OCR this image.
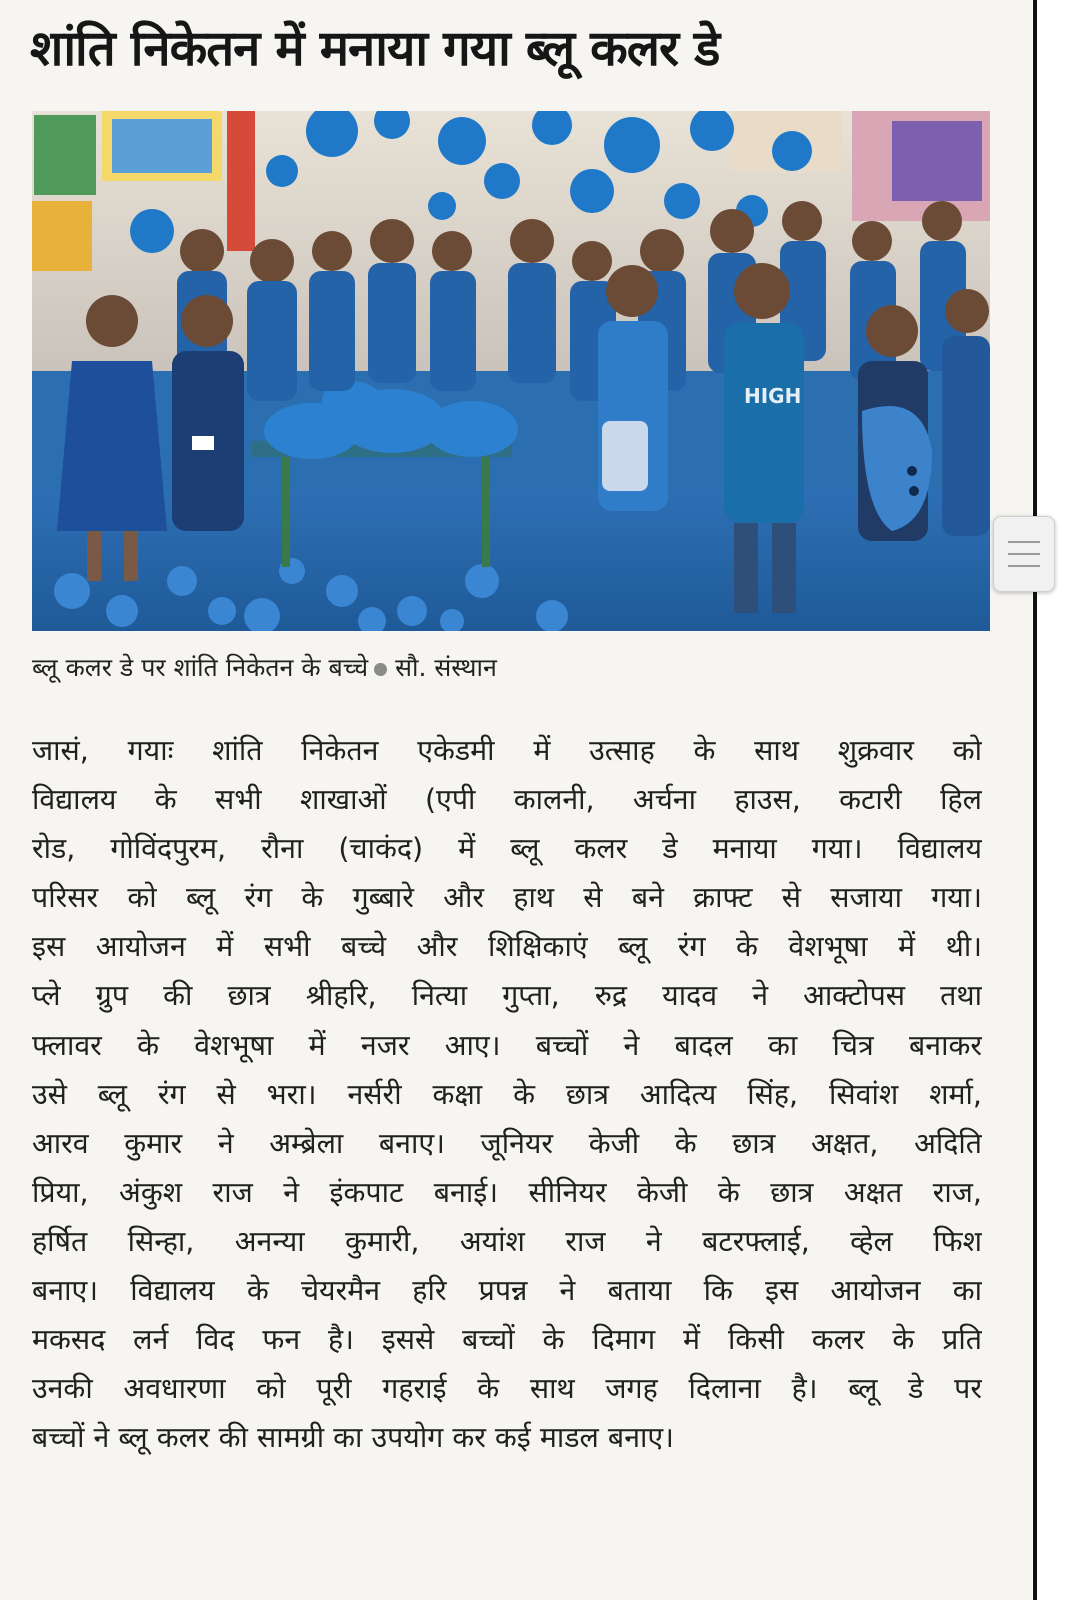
शांति निकेतन में मनाया गया ब्लू कलर डे
HIGH
ब्लू कलर डे पर शांति निकेतन के बच्चे सौ. संस्थान
जासं, गयाः शांति निकेतन एकेडमी में उत्साह के साथ शुक्रवार को
विद्यालय के सभी शाखाओं (एपी कालनी, अर्चना हाउस, कटारी हिल
रोड, गोविंदपुरम, रौना (चाकंद) में ब्लू कलर डे मनाया गया। विद्यालय
परिसर को ब्लू रंग के गुब्बारे और हाथ से बने क्राफ्ट से सजाया गया।
इस आयोजन में सभी बच्चे और शिक्षिकाएं ब्लू रंग के वेशभूषा में थी।
प्ले ग्रुप की छात्र श्रीहरि, नित्या गुप्ता, रुद्र यादव ने आक्टोपस तथा
फ्लावर के वेशभूषा में नजर आए। बच्चों ने बादल का चित्र बनाकर
उसे ब्लू रंग से भरा। नर्सरी कक्षा के छात्र आदित्य सिंह, सिवांश शर्मा,
आरव कुमार ने अम्ब्रेला बनाए। जूनियर केजी के छात्र अक्षत, अदिति
प्रिया, अंकुश राज ने इंकपाट बनाई। सीनियर केजी के छात्र अक्षत राज,
हर्षित सिन्हा, अनन्या कुमारी, अयांश राज ने बटरफ्लाई, व्हेल फिश
बनाए। विद्यालय के चेयरमैन हरि प्रपन्न ने बताया कि इस आयोजन का
मकसद लर्न विद फन है। इससे बच्चों के दिमाग में किसी कलर के प्रति
उनकी अवधारणा को पूरी गहराई के साथ जगह दिलाना है। ब्लू डे पर
बच्चों ने ब्लू कलर की सामग्री का उपयोग कर कई माडल बनाए।
